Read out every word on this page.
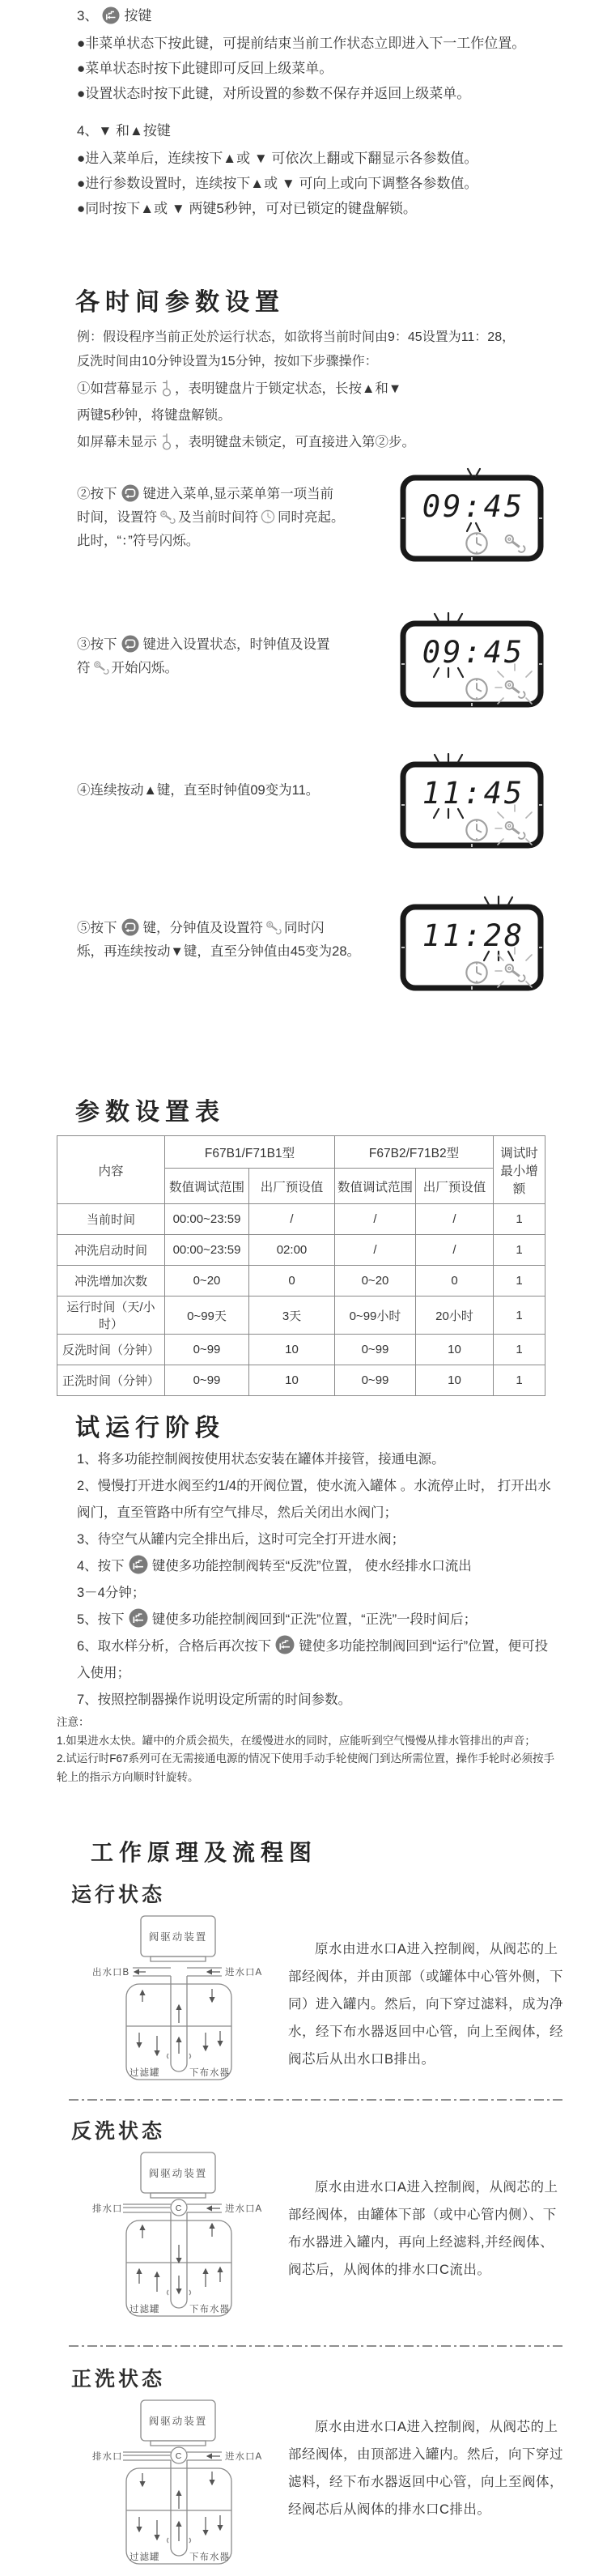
3、 按键
●非菜单状态下按此键，可提前结束当前工作状态立即进入下一工作位置。
●菜单状态时按下此键即可反回上级菜单。
●设置状态时按下此键，对所设置的参数不保存并返回上级菜单。
4、▼ 和▲按键
●进入菜单后，连续按下▲或 ▼ 可依次上翻或下翻显示各参数值。
●进行参数设置时，连续按下▲或 ▼ 可向上或向下调整各参数值。
●同时按下▲或 ▼ 两键5秒钟，可对已锁定的键盘解锁。
各时间参数设置
例：假设程序当前正处於运行状态，如欲将当前时间由9：45设置为11：28，
反洗时间由10分钟设置为15分钟，按如下步骤操作：
①如营幕显示 ，表明键盘片于锁定状态，长按▲和▼
两键5秒钟，将键盘解锁。
如屏幕未显示 ，表明键盘未锁定，可直接进入第②步。
②按下 键进入菜单,显示菜单第一项当前
时间，设置符 及当前时间符 同时亮起。
此时，“：”符号闪烁。
09:45
③按下 键进入设置状态，时钟值及设置
符 开始闪烁。	09:45
④连续按动▲键，直至时钟值09变为11。	11:45
⑤按下 键，分钟值及设置符 同时闪
烁，再连续按动▼键，直至分钟值由45变为28。	11:28
参数设置表
内容	F67B1/F71B1型		F67B2/F71B2型		调试时最小增额
	数值调试范围	出厂预设值	数值调试范围	出厂预设值	
当前时间	00:00~23:59	/	/	/	1
冲洗启动时间	00:00~23:59	02:00	/	/	1
冲洗增加次数	0~20	0	0~20	0	1
运行时间（天/小时）	0~99天	3天	0~99小时	20小时	1
反洗时间（分钟）	0~99	10	0~99	10	1
正洗时间（分钟）	0~99	10	0~99	10	1
试运行阶段

1、将多功能控制阀按使用状态安装在罐体并接管，接通电源。

2、慢慢打开进水阀至约1/4的开阀位置，使水流入罐体 。水流停止时， 打开出水阀门，直至管路中所有空气排尽，然后关闭出水阀门；

3、待空气从罐内完全排出后，这时可完全打开进水阀；

4、按下 键使多功能控制阀转至“反洗”位置， 使水经排水口流出
3－4分钟；

5、按下 键使多功能控制阀回到“正洗”位置，“正洗”一段时间后；

6、取水样分析，合格后再次按下 键使多功能控制阀回到“运行”位置，便可投入使用；

7、按照控制器操作说明设定所需的时间参数。

注意：
1.如果进水太快。罐中的介质会损失，在缓慢进水的同时，应能听到空气慢慢从排水管排出的声音；
2.试运行时F67系列可在无需接通电源的情况下使用手动手轮使阀门到达所需位置，操作手轮时必须按手轮上的指示方向顺时针旋转。
工作原理及流程图
运行状态
阀驱动装置
出水口B	进水口A
过滤罐	下布水器
原水由进水口A进入控制阀，从阀芯的上部经阀体，并由顶部（或罐体中心管外侧，下同）进入罐内。然后，向下穿过滤料，成为净水，经下布水器返回中心管，向上至阀体，经阀芯后从出水口B排出。
反洗状态
阀驱动装置
C
排水口	进水口A
过滤罐	下布水器
原水由进水口A进入控制阀，从阀芯的上部经阀体，由罐体下部（或中心管内侧）、下布水器进入罐内，再向上经滤料,并经阀体、阀芯后，从阀体的排水口C流出。
正洗状态
阀驱动装置
C
排水口	进水口A
过滤罐	下布水器
原水由进水口A进入控制阀，从阀芯的上部经阀体，由顶部进入罐内。然后，向下穿过滤料，经下布水器返回中心管，向上至阀体，经阀芯后从阀体的排水口C排出。
